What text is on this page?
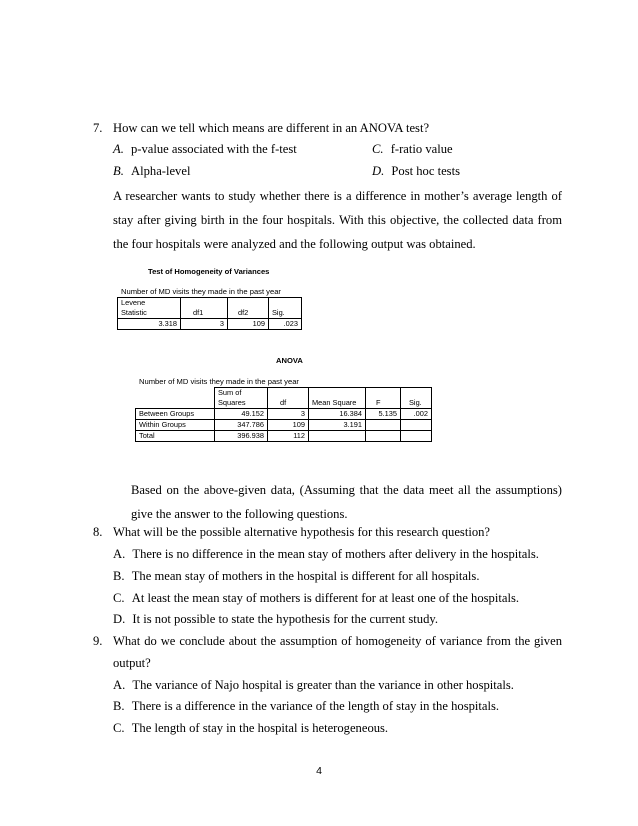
7. How can we tell which means are different in an ANOVA test?
A. p-value associated with the f-test	C. f-ratio value
B. Alpha-level	D. Post hoc tests
A researcher wants to study whether there is a difference in mother’s average length of stay after giving birth in the four hospitals. With this objective, the collected data from the four hospitals were analyzed and the following output was obtained.
Test of Homogeneity of Variances
Number of MD visits they made in the past year
Levene			
Statistic	df1	df2	Sig.
3.318	3	109	.023
ANOVA
Number of MD visits they made in the past year
	Sum of				
	Squares	df	Mean Square	F	Sig.
Between Groups	49.152	3	16.384	5.135	.002
Within Groups	347.786	109	3.191		
Total	396.938	112			
Based on the above-given data, (Assuming that the data meet all the assumptions) give the answer to the following questions.
8. What will be the possible alternative hypothesis for this research question?
A. There is no difference in the mean stay of mothers after delivery in the hospitals.
B. The mean stay of mothers in the hospital is different for all hospitals.
C. At least the mean stay of mothers is different for at least one of the hospitals.
D. It is not possible to state the hypothesis for the current study.
9. What do we conclude about the assumption of homogeneity of variance from the given
output?
A. The variance of Najo hospital is greater than the variance in other hospitals.
B. There is a difference in the variance of the length of stay in the hospitals.
C. The length of stay in the hospital is heterogeneous.
4
